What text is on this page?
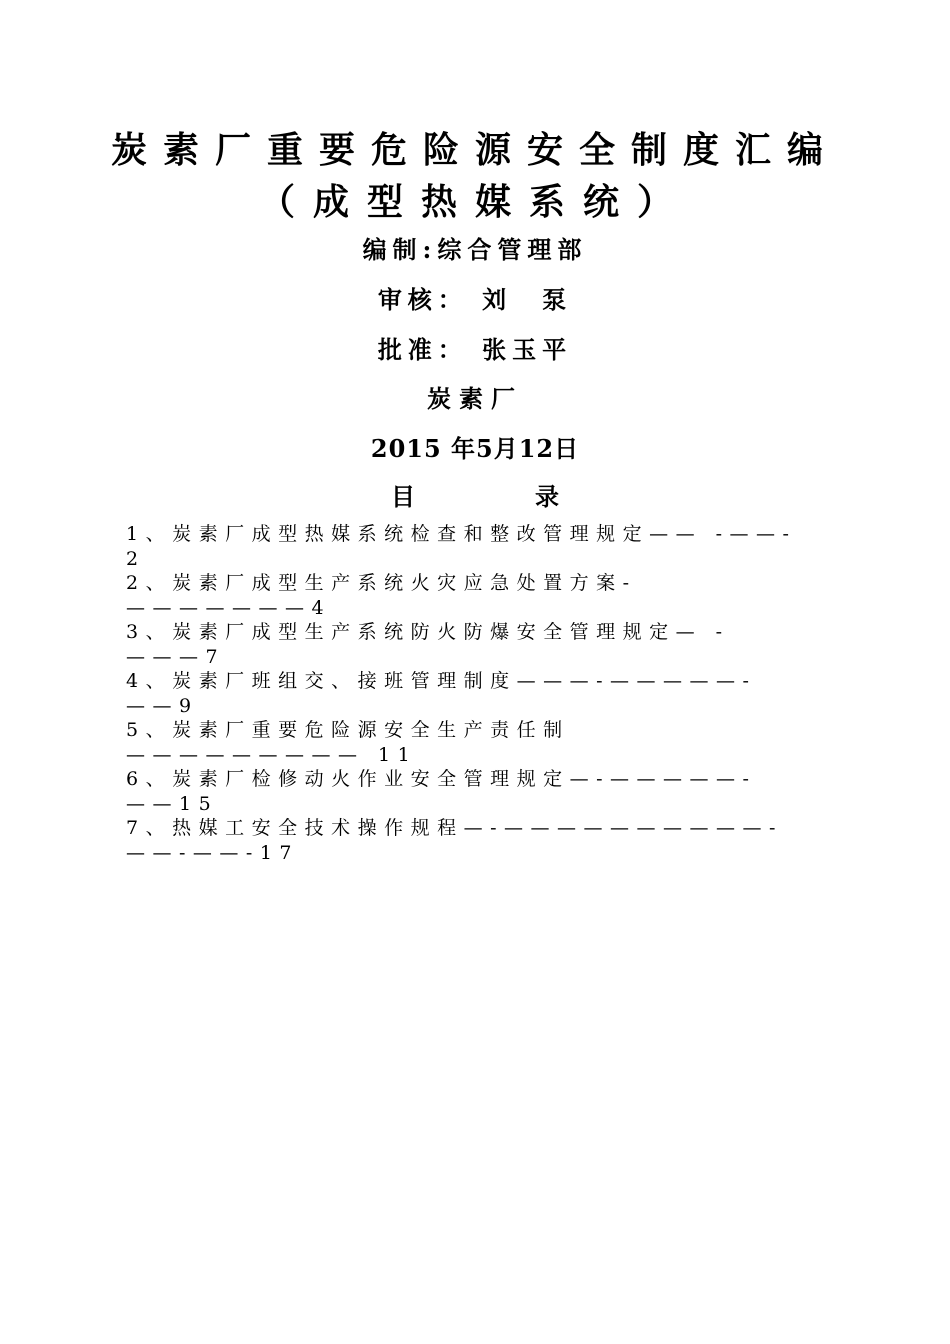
炭素厂重要危险源安全制度汇编
（成型热媒系统）
编制:综合管理部
审核： 刘　泵
批准： 张玉平
炭素厂
2015 年5月12日
目	录
1、炭素厂成型热媒系统检查和整改管理规定—— -——-2
2、炭素厂成型生产系统火灾应急处置方案-———————4
3、炭素厂成型生产系统防火防爆安全管理规定— -———7
4、炭素厂班组交、接班管理制度———-—————-——9
5、炭素厂重要危险源安全生产责任制————————— 11
6、炭素厂检修动火作业安全管理规定—-—————-——15
7、热媒工安全技术操作规程—-——————————-——-——-17
